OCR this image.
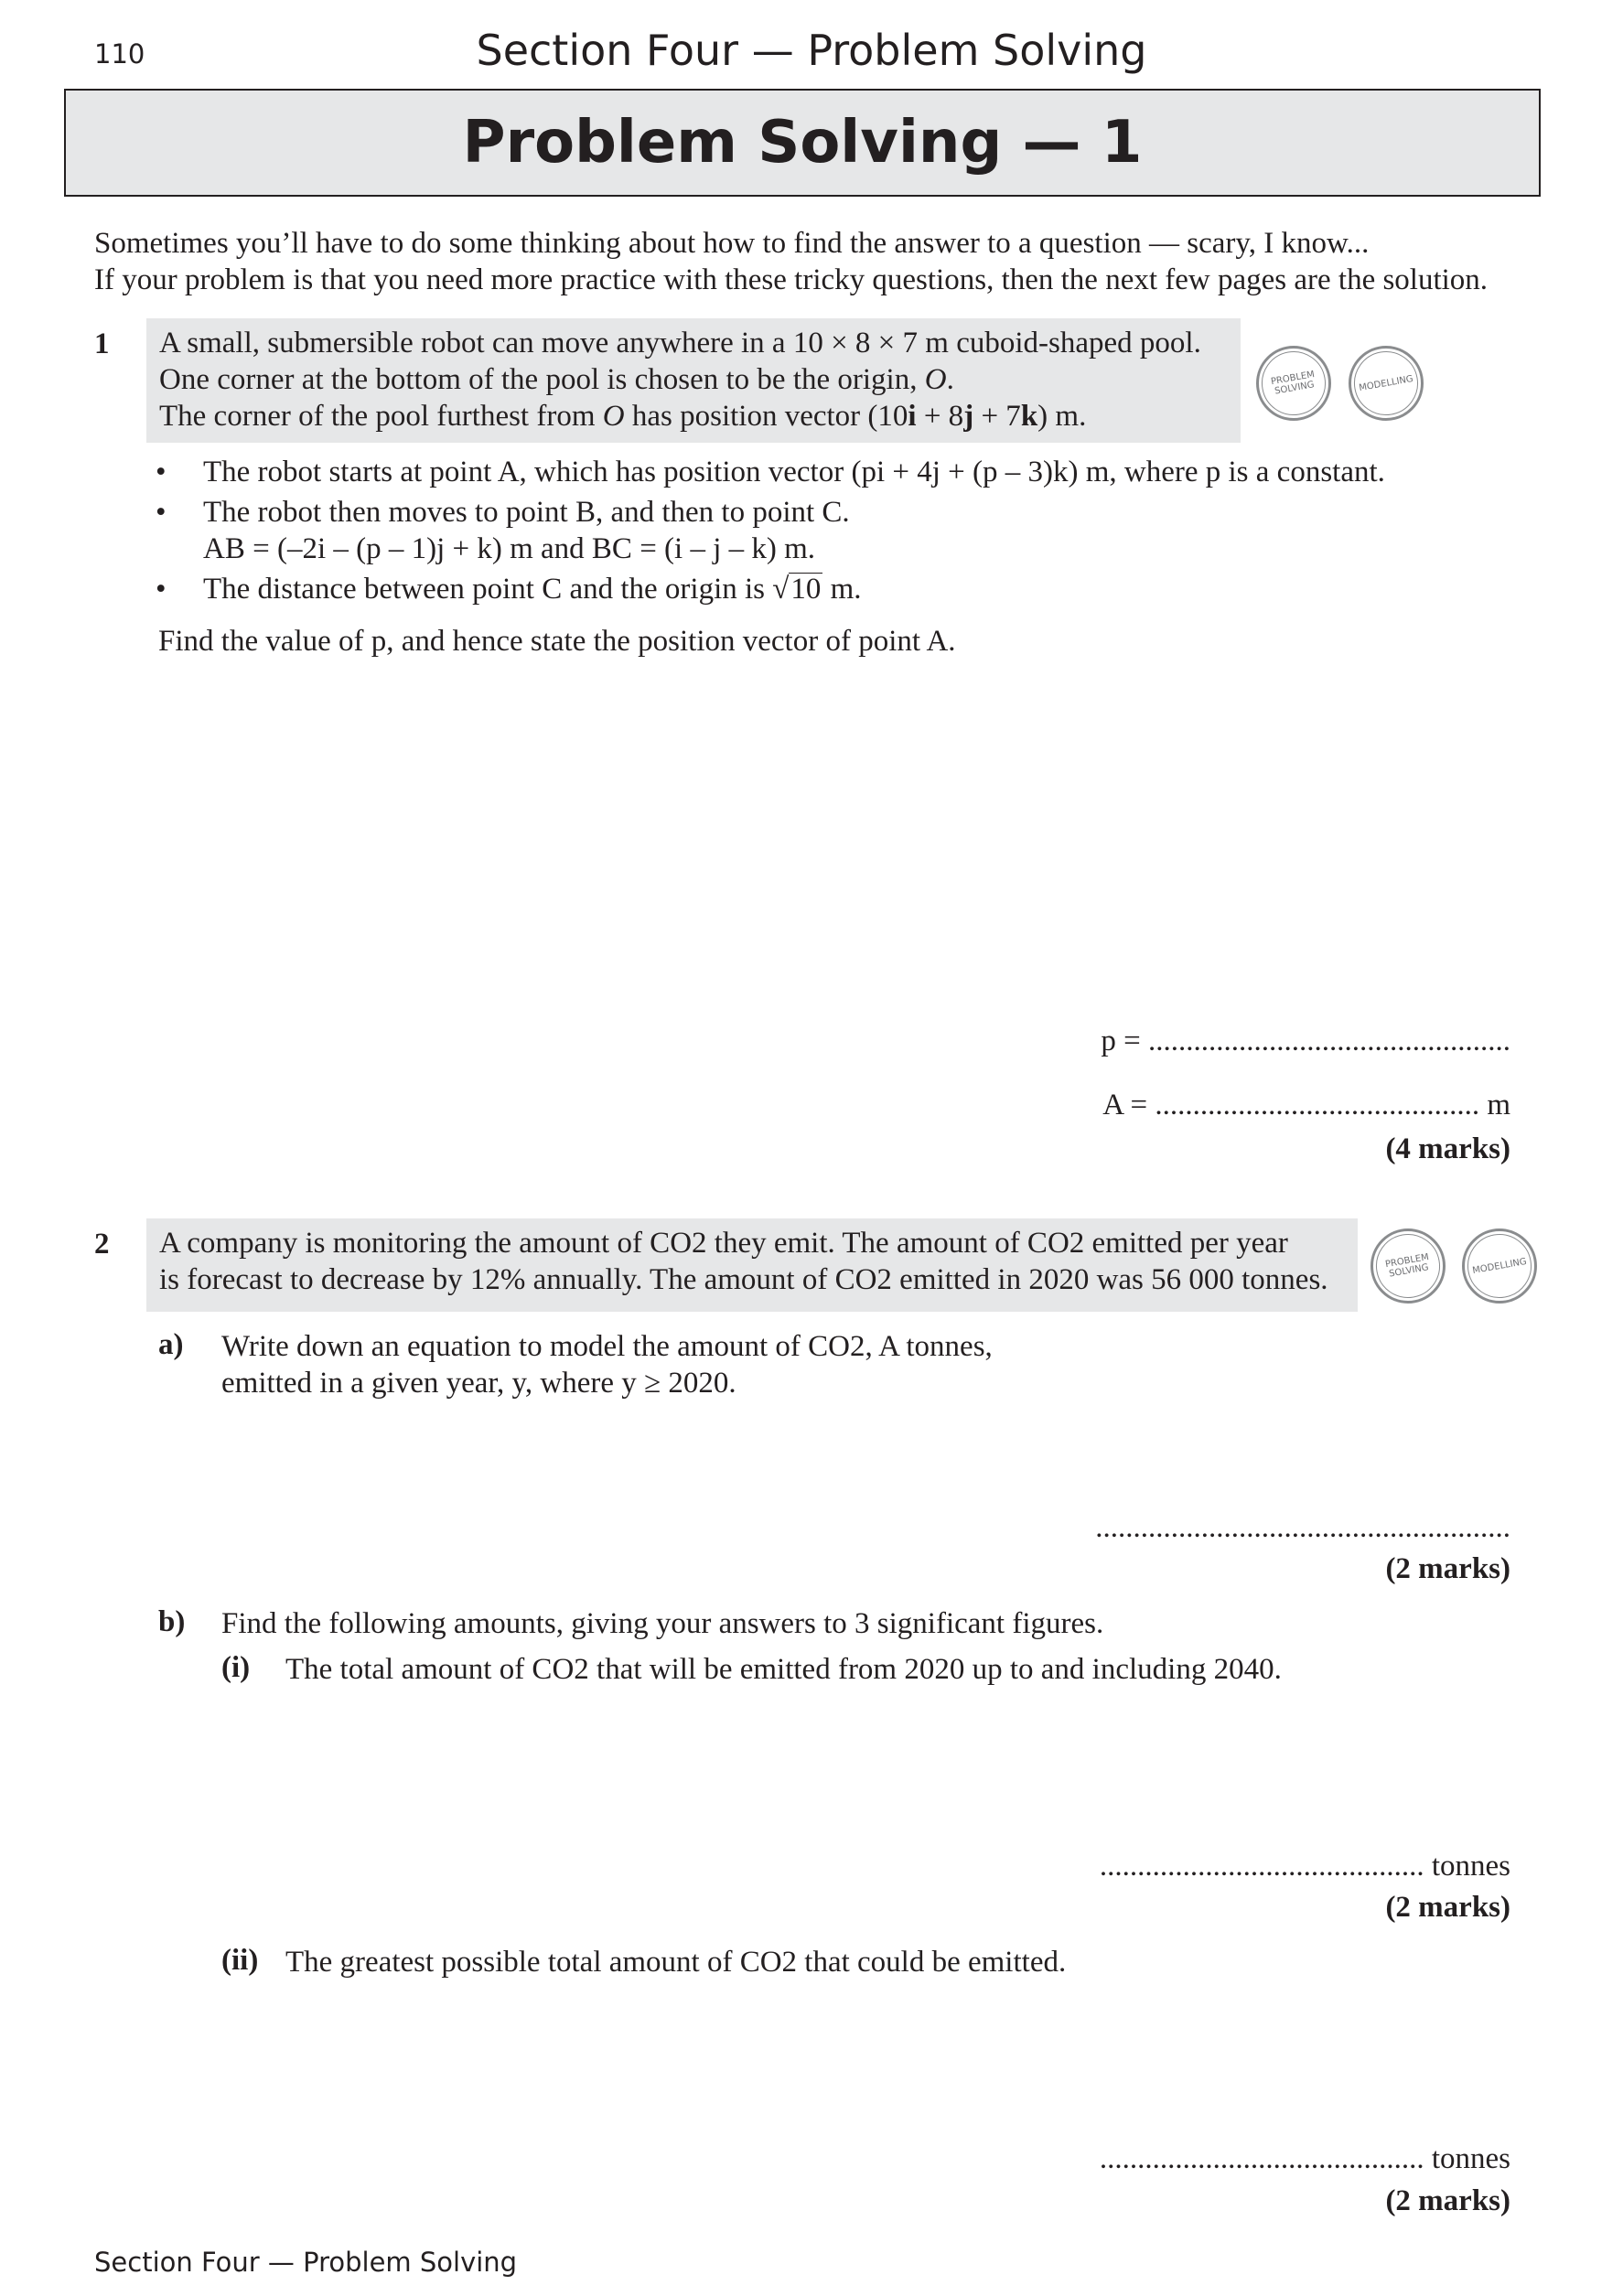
110	Section Four — Problem Solving
Problem Solving — 1
Sometimes you’ll have to do some thinking about how to find the answer to a question — scary, I know...
If your problem is that you need more practice with these tricky questions, then the next few pages are the solution.
1 A small, submersible robot can move anywhere in a 10 × 8 × 7 m cuboid-shaped pool.
One corner at the bottom of the pool is chosen to be the origin, O.
The corner of the pool furthest from O has position vector (10i + 8j + 7k) m.
PROBLEM SOLVING	MODELLING
• The robot starts at point A, which has position vector (pi + 4j + (p – 3)k) m, where p is a constant.
• The robot then moves to point B, and then to point C.
AB = (–2i – (p – 1)j + k) m and BC = (i – j – k) m.
• The distance between point C and the origin is √10 m.
Find the value of p, and hence state the position vector of point A.
p = ................................................
A = ........................................... m
(4 marks)
2 A company is monitoring the amount of CO2 they emit. The amount of CO2 emitted per year
is forecast to decrease by 12% annually. The amount of CO2 emitted in 2020 was 56 000 tonnes.
PROBLEM SOLVING	MODELLING
a) Write down an equation to model the amount of CO2, A tonnes,
emitted in a given year, y, where y ≥ 2020.
.......................................................
(2 marks)
b) Find the following amounts, giving your answers to 3 significant figures.
(i) The total amount of CO2 that will be emitted from 2020 up to and including 2040.
........................................... tonnes
(2 marks)
(ii) The greatest possible total amount of CO2 that could be emitted.
........................................... tonnes
(2 marks)
Section Four — Problem Solving
